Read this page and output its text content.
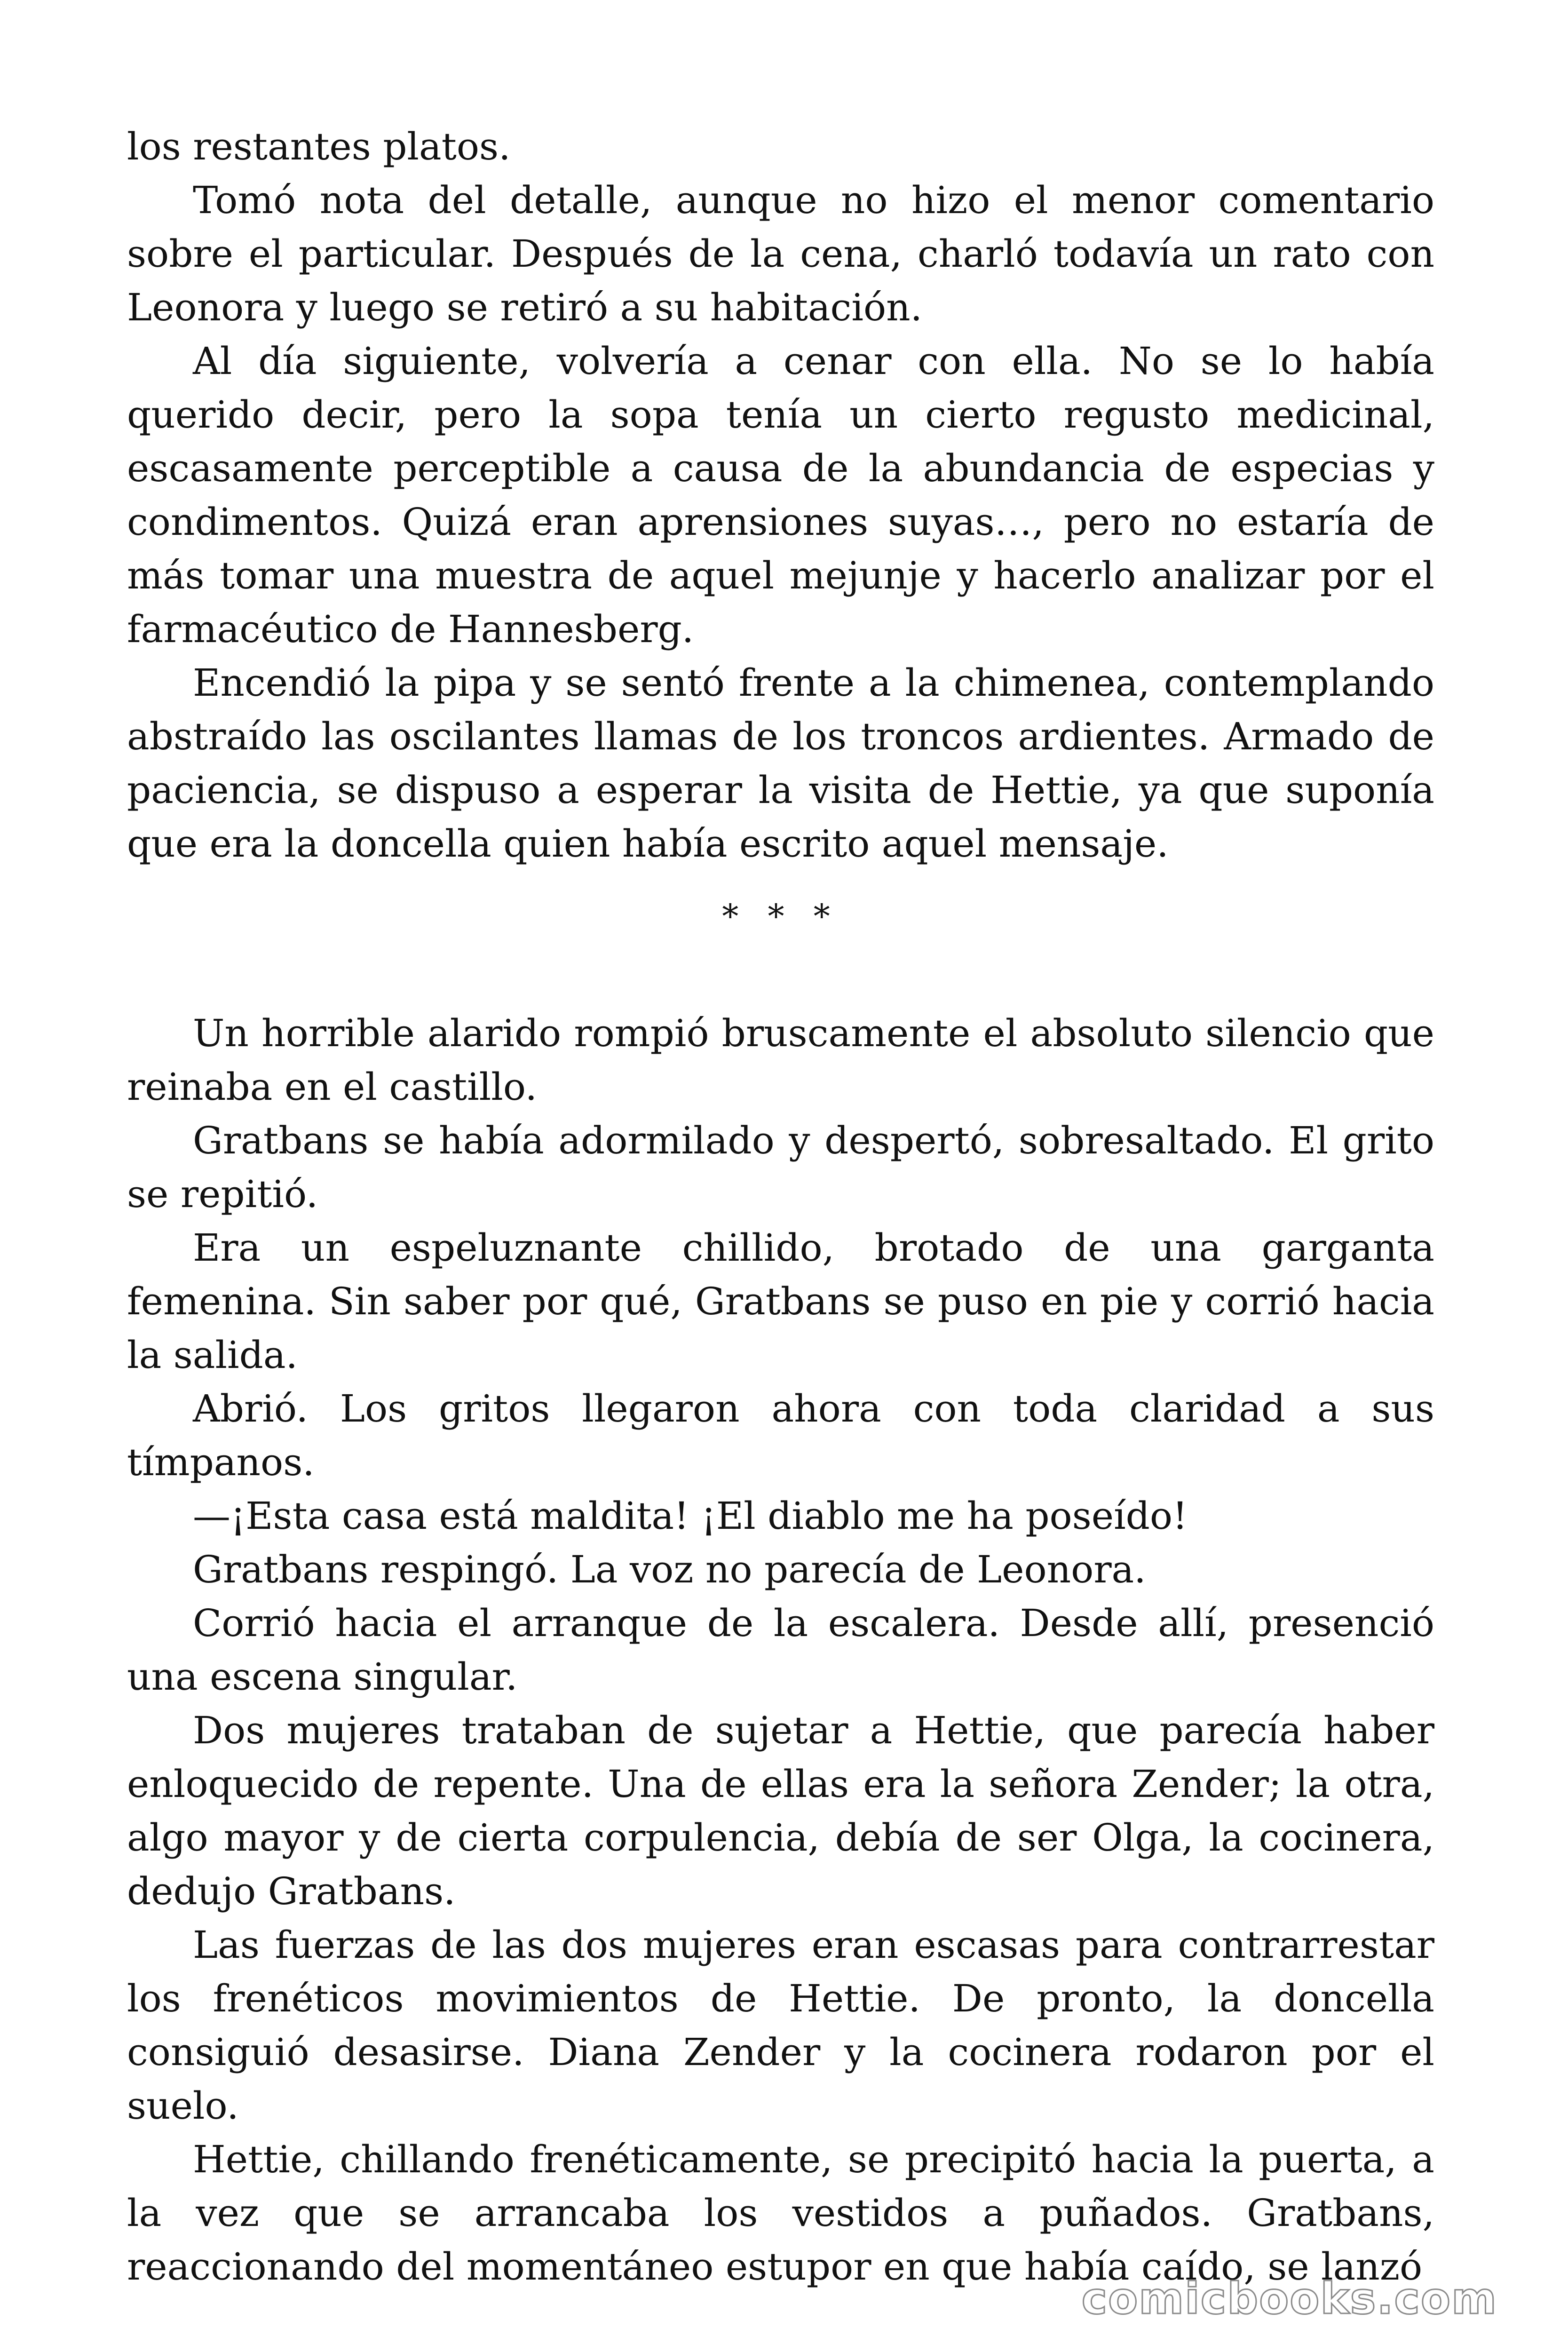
los restantes platos.

Tomó nota del detalle, aunque no hizo el menor comentario sobre el particular. Después de la cena, charló todavía un rato con Leonora y luego se retiró a su habitación.

Al día siguiente, volvería a cenar con ella. No se lo había querido decir, pero la sopa tenía un cierto regusto medicinal, escasamente perceptible a causa de la abundancia de especias y condimentos. Quizá eran aprensiones suyas…, pero no estaría de más tomar una muestra de aquel mejunje y hacerlo analizar por el farmacéutico de Hannesberg.

Encendió la pipa y se sentó frente a la chimenea, contemplando abstraído las oscilantes llamas de los troncos ardientes. Armado de paciencia, se dispuso a esperar la visita de Hettie, ya que suponía que era la doncella quien había escrito aquel mensaje.

* * *

Un horrible alarido rompió bruscamente el absoluto silencio que reinaba en el castillo.

Gratbans se había adormilado y despertó, sobresaltado. El grito se repitió.

Era un espeluznante chillido, brotado de una garganta femenina. Sin saber por qué, Gratbans se puso en pie y corrió hacia la salida.

Abrió. Los gritos llegaron ahora con toda claridad a sus tímpanos.

—¡Esta casa está maldita! ¡El diablo me ha poseído!

Gratbans respingó. La voz no parecía de Leonora.

Corrió hacia el arranque de la escalera. Desde allí, presenció una escena singular.

Dos mujeres trataban de sujetar a Hettie, que parecía haber enloquecido de repente. Una de ellas era la señora Zender; la otra, algo mayor y de cierta corpulencia, debía de ser Olga, la cocinera, dedujo Gratbans.

Las fuerzas de las dos mujeres eran escasas para contrarrestar los frenéticos movimientos de Hettie. De pronto, la doncella consiguió desasirse. Diana Zender y la cocinera rodaron por el suelo.

Hettie, chillando frenéticamente, se precipitó hacia la puerta, a la vez que se arrancaba los vestidos a puñados. Gratbans, reaccionando del momentáneo estupor en que había caído, se lanzó

comicbooks.com
